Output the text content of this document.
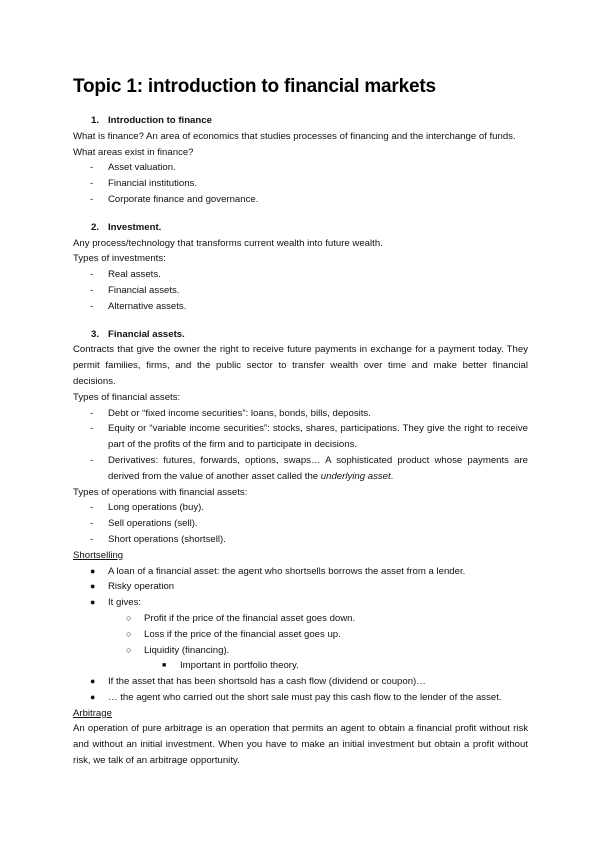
Topic 1: introduction to financial markets
1. Introduction to finance

What is finance? An area of economics that studies processes of financing and the interchange of funds.

What areas exist in finance?

- Asset valuation.
- Financial institutions.
- Corporate finance and governance.
2. Investment.

Any process/technology that transforms current wealth into future wealth.

Types of investments:

- Real assets.
- Financial assets.
- Alternative assets.
3. Financial assets.

Contracts that give the owner the right to receive future payments in exchange for a payment today. They permit families, firms, and the public sector to transfer wealth over time and make better financial decisions.

Types of financial assets:

- Debt or “fixed income securities”: loans, bonds, bills, deposits.
- Equity or “variable income securities”: stocks, shares, participations. They give the right to receive part of the profits of the firm and to participate in decisions.
- Derivatives: futures, forwards, options, swaps… A sophisticated product whose payments are derived from the value of another asset called the underlying asset.

Types of operations with financial assets:

- Long operations (buy).
- Sell operations (sell).
- Short operations (shortsell).

Shortselling

● A loan of a financial asset: the agent who shortsells borrows the asset from a lender.
● Risky operation
● It gives:
○ Profit if the price of the financial asset goes down.
○ Loss if the price of the financial asset goes up.
○ Liquidity (financing).
■ Important in portfolio theory.
● If the asset that has been shortsold has a cash flow (dividend or coupon)…
● … the agent who carried out the short sale must pay this cash flow to the lender of the asset.

Arbitrage

An operation of pure arbitrage is an operation that permits an agent to obtain a financial profit without risk and without an initial investment. When you have to make an initial investment but obtain a profit without risk, we talk of an arbitrage opportunity.
